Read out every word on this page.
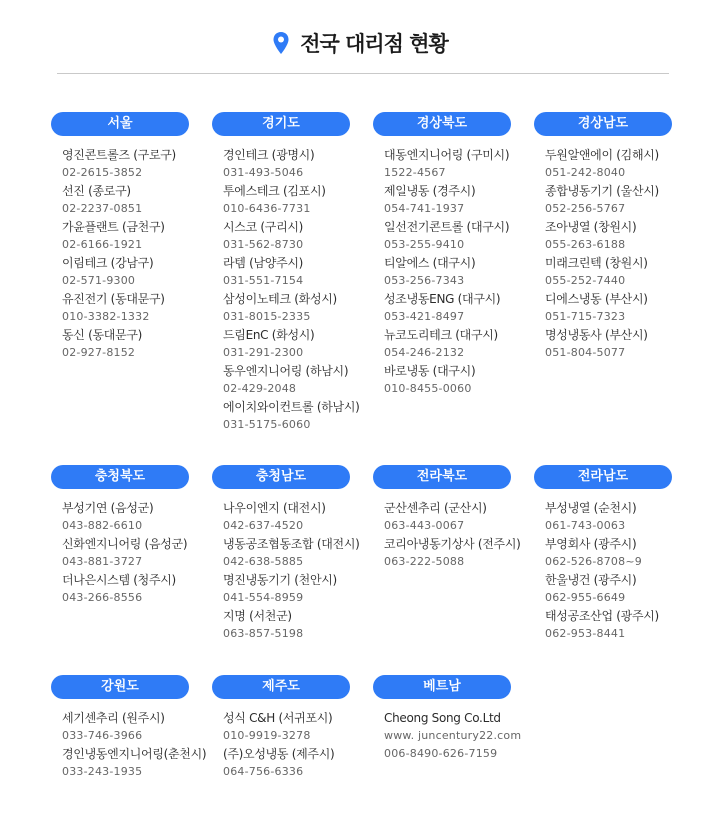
전국 대리점 현황
서울
영진콘트롤즈 (구로구)
02-2615-3852
선진 (종로구)
02-2237-0851
가윤플랜트 (금천구)
02-6166-1921
이림테크 (강남구)
02-571-9300
유진전기 (동대문구)
010-3382-1332
동신 (동대문구)
02-927-8152
경기도
경인테크 (광명시)
031-493-5046
투에스테크 (김포시)
010-6436-7731
시스코 (구리시)
031-562-8730
라템 (남양주시)
031-551-7154
삼성이노테크 (화성시)
031-8015-2335
드림EnC (화성시)
031-291-2300
동우엔지니어링 (하남시)
02-429-2048
에이치와이컨트롤 (하남시)
031-5175-6060
경상북도
대동엔지니어링 (구미시)
1522-4567
제일냉동 (경주시)
054-741-1937
일선전기콘트롤 (대구시)
053-255-9410
티알에스 (대구시)
053-256-7343
성조냉동ENG (대구시)
053-421-8497
뉴코도리테크 (대구시)
054-246-2132
바로냉동 (대구시)
010-8455-0060
경상남도
두원알앤에이 (김해시)
051-242-8040
종합냉동기기 (울산시)
052-256-5767
조아냉열 (창원시)
055-263-6188
미래크린텍 (창원시)
055-252-7440
디에스냉동 (부산시)
051-715-7323
명성냉동사 (부산시)
051-804-5077
충청북도
부성기연 (음성군)
043-882-6610
신화엔지니어링 (음성군)
043-881-3727
더나은시스템 (청주시)
043-266-8556
충청남도
나우이엔지 (대전시)
042-637-4520
냉동공조협동조합 (대전시)
042-638-5885
명진냉동기기 (천안시)
041-554-8959
지명 (서천군)
063-857-5198
전라북도
군산센추리 (군산시)
063-443-0067
코리아냉동기상사 (전주시)
063-222-5088
전라남도
부성냉열 (순천시)
061-743-0063
부영회사 (광주시)
062-526-8708~9
한울냉건 (광주시)
062-955-6649
태성공조산업 (광주시)
062-953-8441
강원도
세기센추리 (원주시)
033-746-3966
경인냉동엔지니어링(춘천시)
033-243-1935
제주도
성식 C&H (서귀포시)
010-9919-3278
(주)오성냉동 (제주시)
064-756-6336
베트남
Cheong Song Co.Ltd
www. juncentury22.com
006-8490-626-7159
